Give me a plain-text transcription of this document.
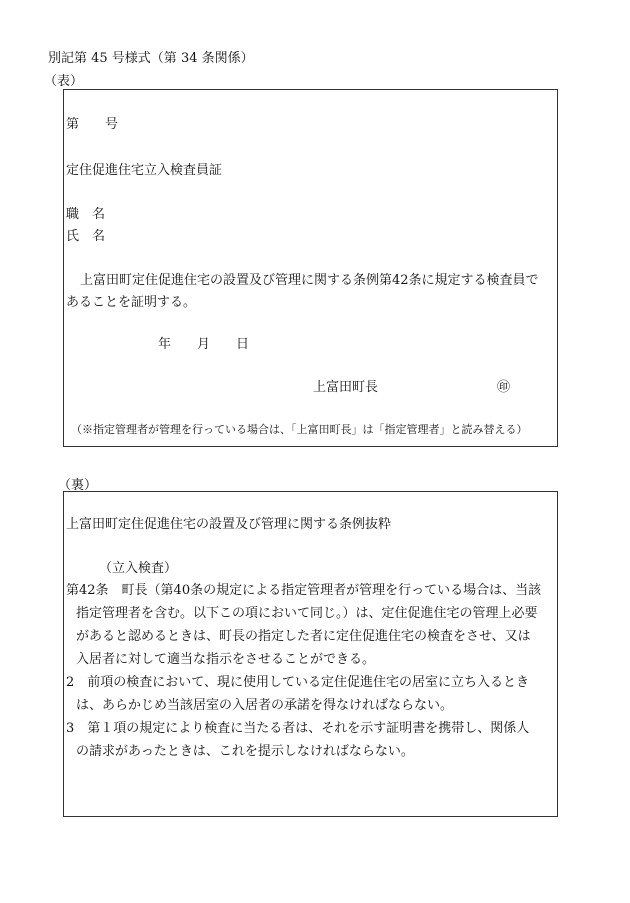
別記第 45 号様式（第 34 条関係）
（表）
第　　号
定住促進住宅立入検査員証
職　名
氏　名
上富田町定住促進住宅の設置及び管理に関する条例第42条に規定する検査員で
あることを証明する。
年　　月　　日
上富田町長	㊞
（※指定管理者が管理を行っている場合は、「上富田町長」は「指定管理者」と読み替える）
（裏）
上富田町定住促進住宅の設置及び管理に関する条例抜粋
（立入検査）
第42条　町長（第40条の規定による指定管理者が管理を行っている場合は、当該
指定管理者を含む。以下この項において同じ。）は、定住促進住宅の管理上必要
があると認めるときは、町長の指定した者に定住促進住宅の検査をさせ、又は
入居者に対して適当な指示をさせることができる。
2　前項の検査において、現に使用している定住促進住宅の居室に立ち入るとき
は、あらかじめ当該居室の入居者の承諾を得なければならない。
3　第１項の規定により検査に当たる者は、それを示す証明書を携帯し、関係人
の請求があったときは、これを提示しなければならない。
